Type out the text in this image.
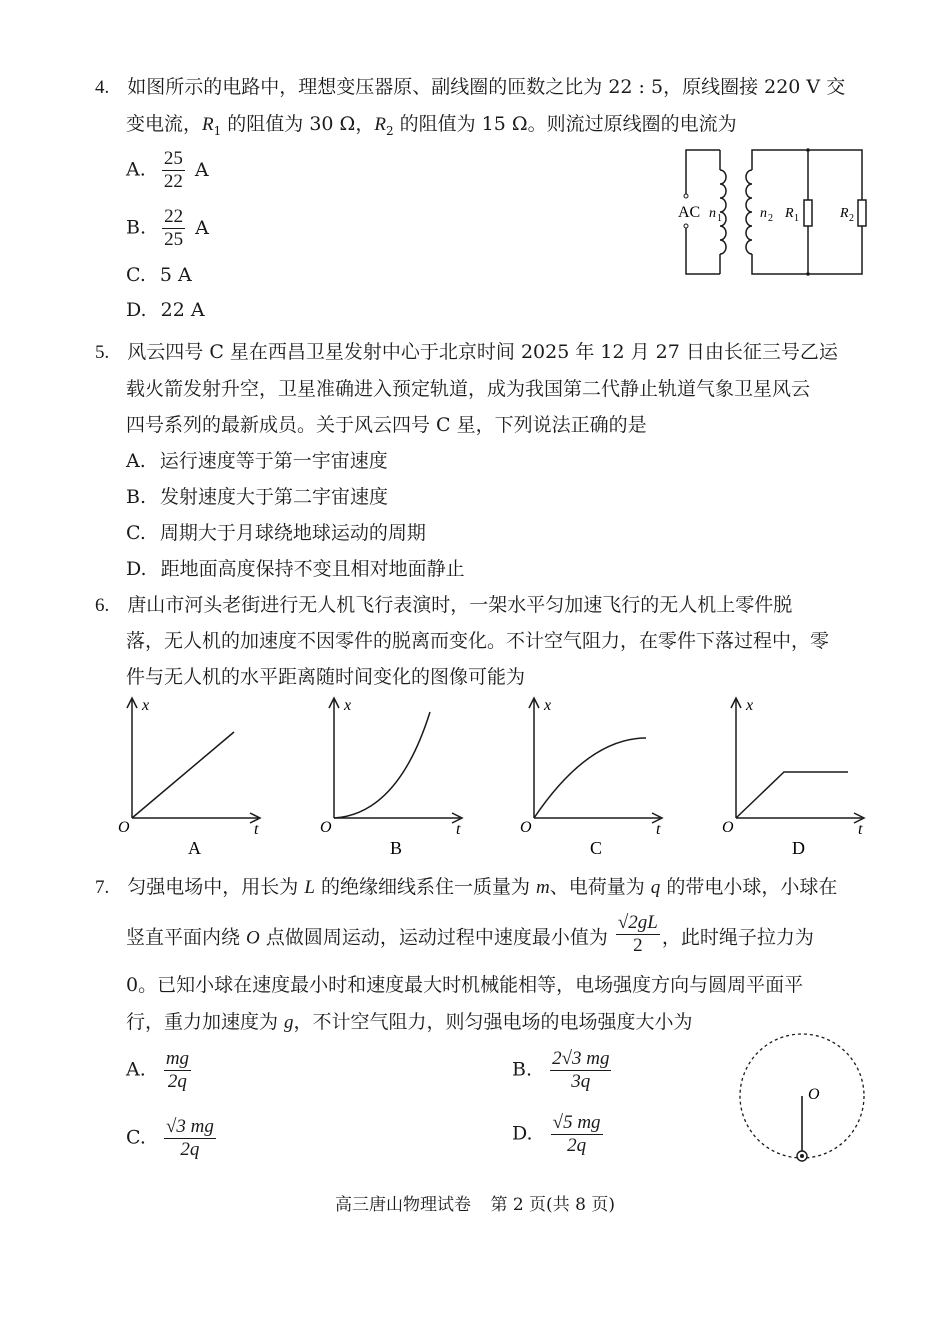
4. 如图所示的电路中，理想变压器原、副线圈的匝数之比为 22 : 5，原线圈接 220 V 交
变电流，$R_1$ 的阻值为 30 Ω，$R_2$ 的阻值为 15 Ω。则流过原线圈的电流为
A. $\frac{25}{22}$ A
B. $\frac{22}{25}$ A
C. 5 A
D. 22 A
AC n 1	n 2 R 1	R 2
5. 风云四号 C 星在西昌卫星发射中心于北京时间 2025 年 12 月 27 日由长征三号乙运
载火箭发射升空，卫星准确进入预定轨道，成为我国第二代静止轨道气象卫星风云
四号系列的最新成员。关于风云四号 C 星，下列说法正确的是
A. 运行速度等于第一宇宙速度
B. 发射速度大于第二宇宙速度
C. 周期大于月球绕地球运动的周期
D. 距地面高度保持不变且相对地面静止
6. 唐山市河头老街进行无人机飞行表演时，一架水平匀加速飞行的无人机上零件脱
落，无人机的加速度不因零件的脱离而变化。不计空气阻力，在零件下落过程中，零
件与无人机的水平距离随时间变化的图像可能为
x
O	t
A
x
O	t
B
x
O	t
C
x
O	t
D
7. 匀强电场中，用长为 L 的绝缘细线系住一质量为 m、电荷量为 q 的带电小球，小球在
竖直平面内绕 O 点做圆周运动，运动过程中速度最小值为 $\frac{√2gL}{2}$ ，此时绳子拉力为
0。已知小球在速度最小时和速度最大时机械能相等，电场强度方向与圆周平面平
行，重力加速度为 g，不计空气阻力，则匀强电场的电场强度大小为
A. $\frac{mg}{2q}$	B. $\frac{2√3 mg}{3q}$
C. $\frac{√3 mg}{2q}$	D. $\frac{√5 mg}{2q}$
O
高三唐山物理试卷 第 2 页(共 8 页)
